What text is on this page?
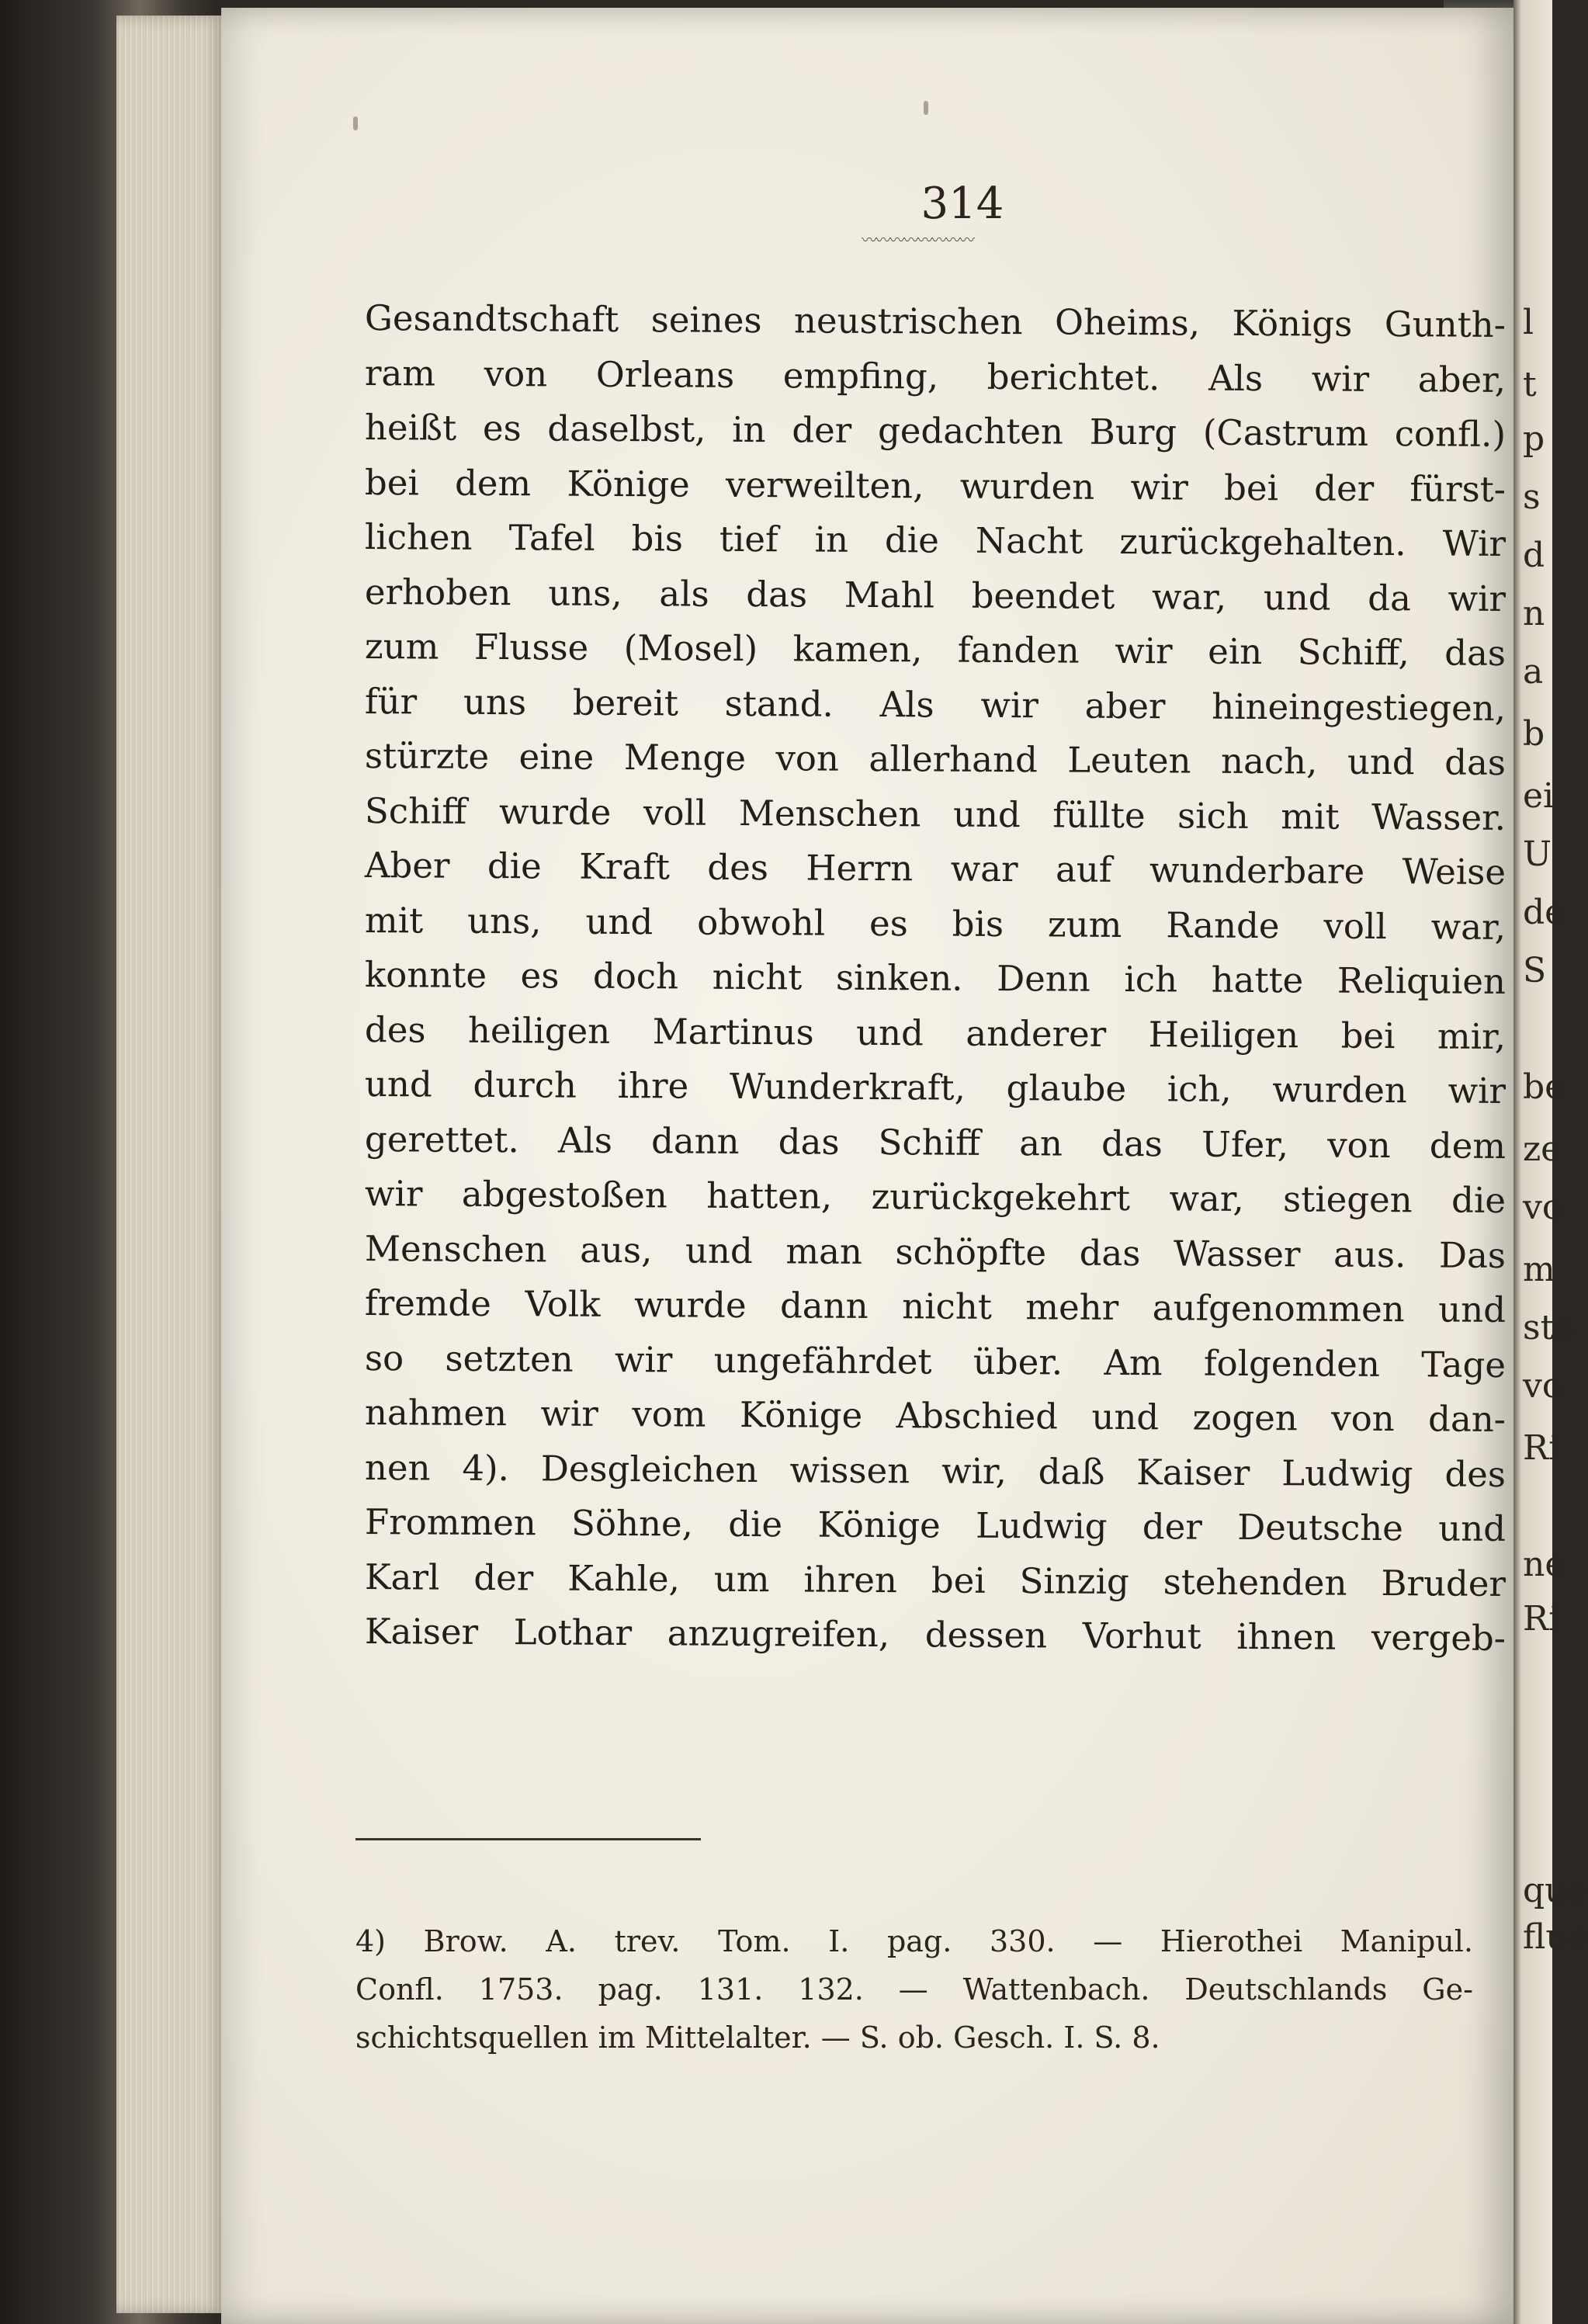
314
〰〰〰〰〰〰〰〰
Gesandtschaft seines neustrischen Oheims, Königs Gunth-
ram von Orleans empfing, berichtet. Als wir aber,
heißt es daselbst, in der gedachten Burg (Castrum confl.)
bei dem Könige verweilten, wurden wir bei der fürst-
lichen Tafel bis tief in die Nacht zurückgehalten. Wir
erhoben uns, als das Mahl beendet war, und da wir
zum Flusse (Mosel) kamen, fanden wir ein Schiff, das
für uns bereit stand. Als wir aber hineingestiegen,
stürzte eine Menge von allerhand Leuten nach, und das
Schiff wurde voll Menschen und füllte sich mit Wasser.
Aber die Kraft des Herrn war auf wunderbare Weise
mit uns, und obwohl es bis zum Rande voll war,
konnte es doch nicht sinken. Denn ich hatte Reliquien
des heiligen Martinus und anderer Heiligen bei mir,
und durch ihre Wunderkraft, glaube ich, wurden wir
gerettet. Als dann das Schiff an das Ufer, von dem
wir abgestoßen hatten, zurückgekehrt war, stiegen die
Menschen aus, und man schöpfte das Wasser aus. Das
fremde Volk wurde dann nicht mehr aufgenommen und
so setzten wir ungefährdet über. Am folgenden Tage
nahmen wir vom Könige Abschied und zogen von dan-
nen 4). Desgleichen wissen wir, daß Kaiser Ludwig des
Frommen Söhne, die Könige Ludwig der Deutsche und
Karl der Kahle, um ihren bei Sinzig stehenden Bruder
Kaiser Lothar anzugreifen, dessen Vorhut ihnen vergeb-
4) Brow. A. trev. Tom. I. pag. 330. — Hierothei Manipul.
Confl. 1753. pag. 131. 132. — Wattenbach. Deutschlands Ge-
schichtsquellen im Mittelalter. — S. ob. Gesch. I. S. 8.
l
t
p
s
d
n
a
b
ei
U
de
S
be
ze
vo
m
ste
vo
Ri
ne
Ri
que
flue
